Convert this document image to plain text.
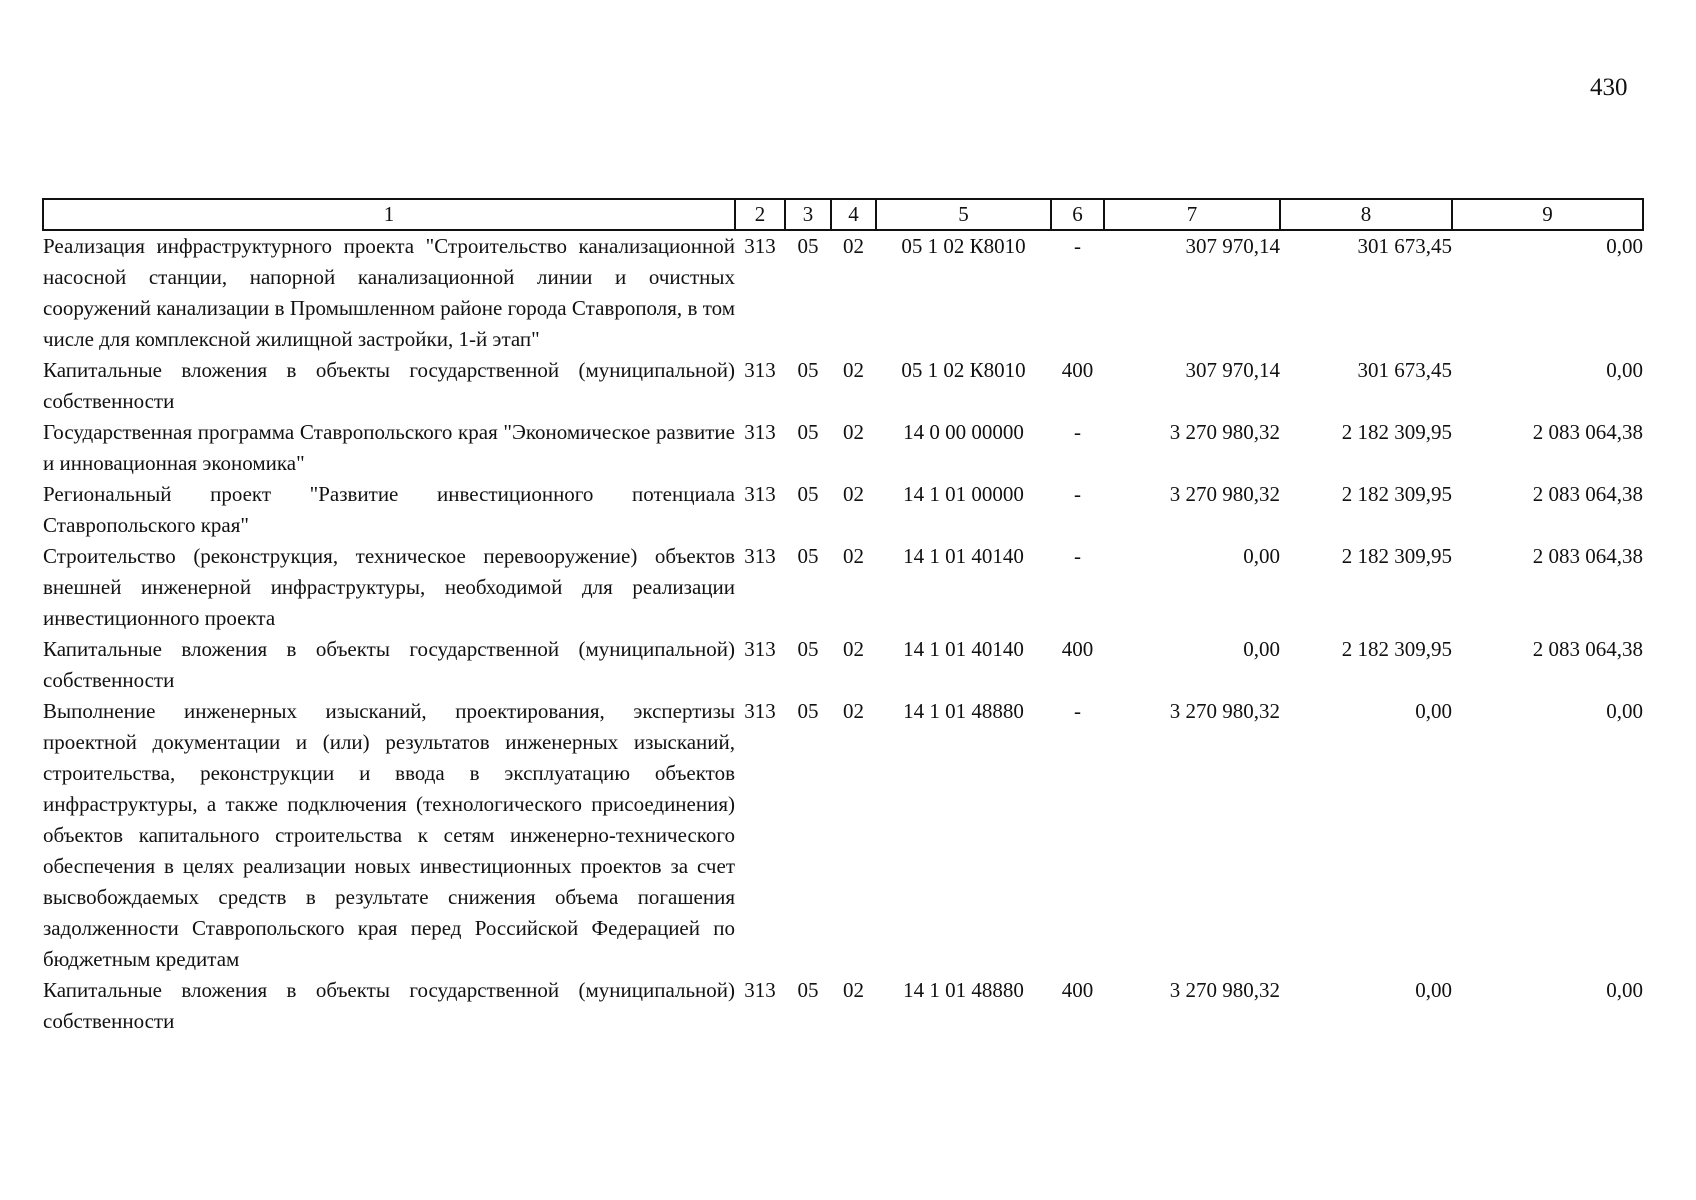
430
1	2	3	4	5	6	7	8	9
Реализация инфраструктурного проекта "Строительство канализационной насосной станции, напорной канализационной линии и очистных сооружений канализации в Промышленном районе города Ставрополя, в том числе для комплексной жилищной застройки, 1-й этап"	313	05	02	05 1 02 К8010	-	307 970,14	301 673,45	0,00
Капитальные вложения в объекты государственной (муниципальной) собственности	313	05	02	05 1 02 К8010	400	307 970,14	301 673,45	0,00
Государственная программа Ставропольского края "Экономическое развитие и инновационная экономика"	313	05	02	14 0 00 00000	-	3 270 980,32	2 182 309,95	2 083 064,38
Региональный проект "Развитие инвестиционного потенциала Ставропольского края"	313	05	02	14 1 01 00000	-	3 270 980,32	2 182 309,95	2 083 064,38
Строительство (реконструкция, техническое перевооружение) объектов внешней инженерной инфраструктуры, необходимой для реализации инвестиционного проекта	313	05	02	14 1 01 40140	-	0,00	2 182 309,95	2 083 064,38
Капитальные вложения в объекты государственной (муниципальной) собственности	313	05	02	14 1 01 40140	400	0,00	2 182 309,95	2 083 064,38
Выполнение инженерных изысканий, проектирования, экспертизы проектной документации и (или) результатов инженерных изысканий, строительства, реконструкции и ввода в эксплуатацию объектов инфраструктуры, а также подключения (технологического присоединения) объектов капитального строительства к сетям инженерно-технического обеспечения в целях реализации новых инвестиционных проектов за счет высвобождаемых средств в результате снижения объема погашения задолженности Ставропольского края перед Российской Федерацией по бюджетным кредитам	313	05	02	14 1 01 48880	-	3 270 980,32	0,00	0,00
Капитальные вложения в объекты государственной (муниципальной) собственности	313	05	02	14 1 01 48880	400	3 270 980,32	0,00	0,00
